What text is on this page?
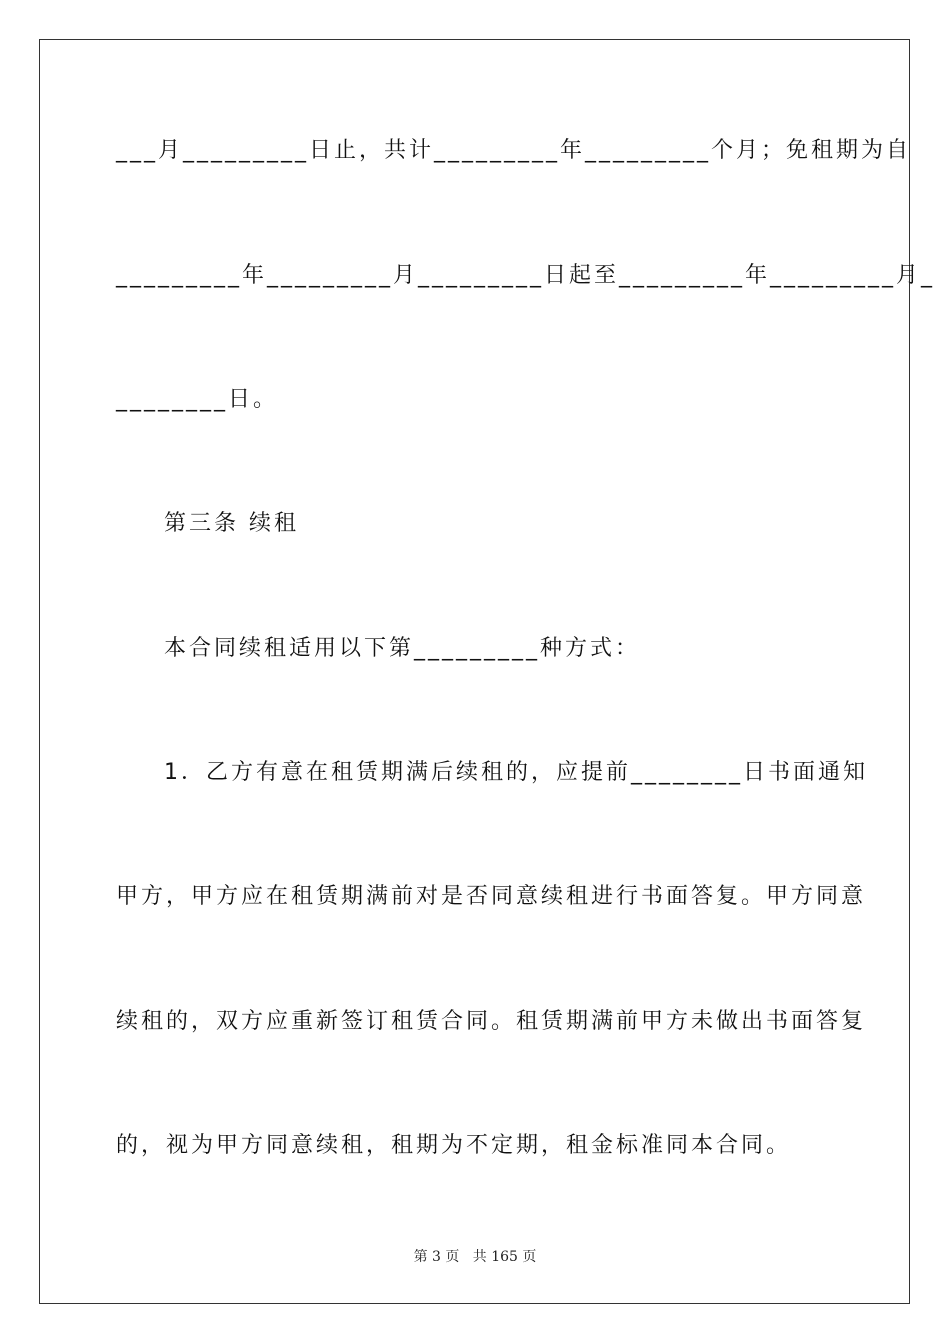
___月_________日止，共计_________年_________个月；免租期为自
_________年_________月_________日起至_________年_________月_
________日。
第三条 续租
本合同续租适用以下第_________种方式：
1．乙方有意在租赁期满后续租的，应提前________日书面通知
甲方，甲方应在租赁期满前对是否同意续租进行书面答复。甲方同意
续租的，双方应重新签订租赁合同。租赁期满前甲方未做出书面答复
的，视为甲方同意续租，租期为不定期，租金标准同本合同。
第 3 页   共 165 页
